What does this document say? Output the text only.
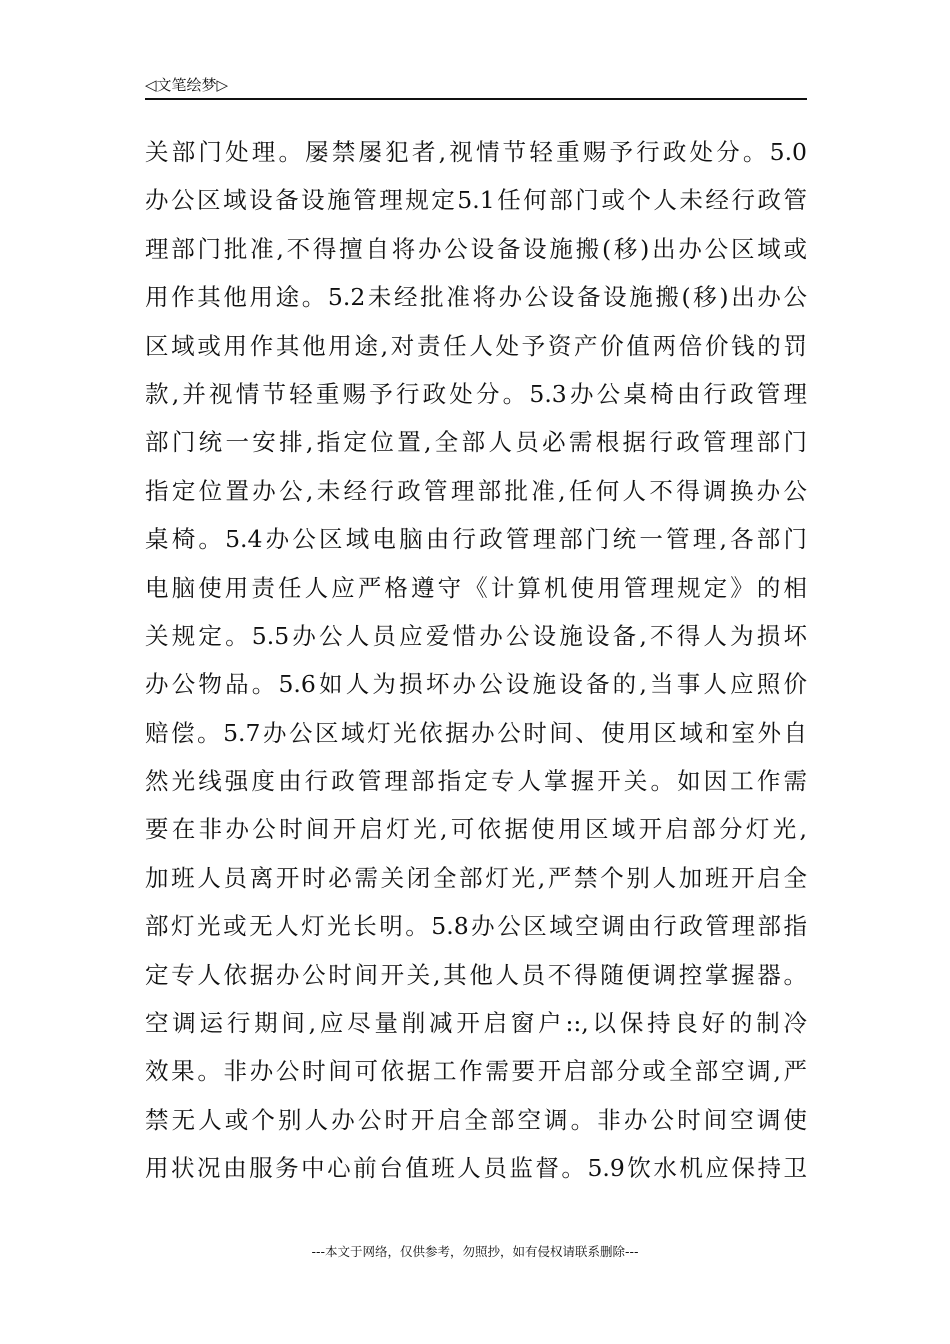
◁文笔绘梦▷
关部门处理。屡禁屡犯者,视情节轻重赐予行政处分。5.0
办公区域设备设施管理规定5.1任何部门或个人未经行政管
理部门批准,不得擅自将办公设备设施搬(移)出办公区域或
用作其他用途。5.2未经批准将办公设备设施搬(移)出办公
区域或用作其他用途,对责任人处予资产价值两倍价钱的罚
款,并视情节轻重赐予行政处分。5.3办公桌椅由行政管理
部门统一安排,指定位置,全部人员必需根据行政管理部门
指定位置办公,未经行政管理部批准,任何人不得调换办公
桌椅。5.4办公区域电脑由行政管理部门统一管理,各部门
电脑使用责任人应严格遵守《计算机使用管理规定》的相
关规定。5.5办公人员应爱惜办公设施设备,不得人为损坏
办公物品。5.6如人为损坏办公设施设备的,当事人应照价
赔偿。5.7办公区域灯光依据办公时间、使用区域和室外自
然光线强度由行政管理部指定专人掌握开关。如因工作需
要在非办公时间开启灯光,可依据使用区域开启部分灯光,
加班人员离开时必需关闭全部灯光,严禁个别人加班开启全
部灯光或无人灯光长明。5.8办公区域空调由行政管理部指
定专人依据办公时间开关,其他人员不得随便调控掌握器。
空调运行期间,应尽量削减开启窗户::,以保持良好的制冷
效果。非办公时间可依据工作需要开启部分或全部空调,严
禁无人或个别人办公时开启全部空调。非办公时间空调使
用状况由服务中心前台值班人员监督。5.9饮水机应保持卫
---本文于网络，仅供参考，勿照抄，如有侵权请联系删除---
